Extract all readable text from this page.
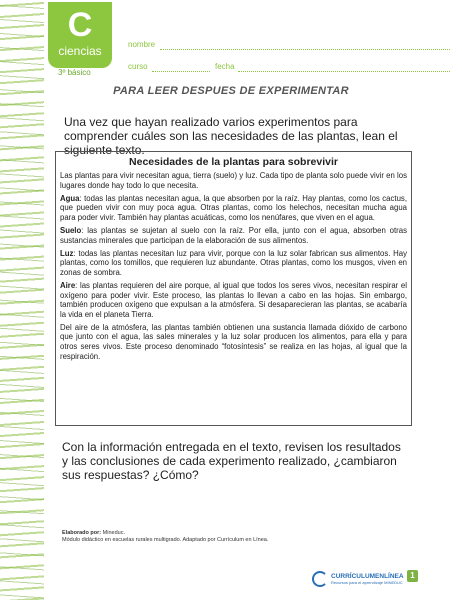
C
ciencias
3º básico
nombre
curso	fecha
PARA LEER DESPUES DE EXPERIMENTAR
Una vez que hayan realizado varios experimentos para comprender cuáles son las necesidades de las plantas, lean el siguiente texto.
Necesidades de la plantas para sobrevivir

Las plantas para vivir necesitan agua, tierra (suelo) y luz. Cada tipo de planta solo puede vivir en los lugares donde hay todo lo que necesita.

Agua: todas las plantas necesitan agua, la que absorben por la raíz. Hay plantas, como los cactus, que pueden vivir con muy poca agua. Otras plantas, como los helechos, necesitan mucha agua para poder vivir. También hay plantas acuáticas, como los nenúfares, que viven en el agua.

Suelo: las plantas se sujetan al suelo con la raíz. Por ella, junto con el agua, absorben otras sustancias minerales que participan de la elaboración de sus alimentos.

Luz: todas las plantas necesitan luz para vivir, porque con la luz solar fabrican sus alimentos. Hay plantas, como los tomillos, que requieren luz abundante. Otras plantas, como los musgos, viven en zonas de sombra.

Aire: las plantas requieren del aire porque, al igual que todos los seres vivos, necesitan respirar el oxígeno para poder vivir. Este proceso, las plantas lo llevan a cabo en las hojas. Sin embargo, también producen oxígeno que expulsan a la atmósfera. Si desaparecieran las plantas, se acabaría la vida en el planeta Tierra.

Del aire de la atmósfera, las plantas también obtienen una sustancia llamada dióxido de carbono que junto con el agua, las sales minerales y la luz solar producen los alimentos, para ella y para otros seres vivos. Este proceso denominado “fotosíntesis” se realiza en las hojas, al igual que la respiración.

Con la información entregada en el texto, revisen los resultados y las conclusiones de cada experimento realizado, ¿cambiaron sus respuestas? ¿Cómo?
Elaborado por: Mineduc.
Módulo didáctico en escuelas rurales multigrado. Adaptado por Currículum en Línea.
CURRÍCULUMENLÍNEA
Recursos para el aprendizaje MINEDUC
1
